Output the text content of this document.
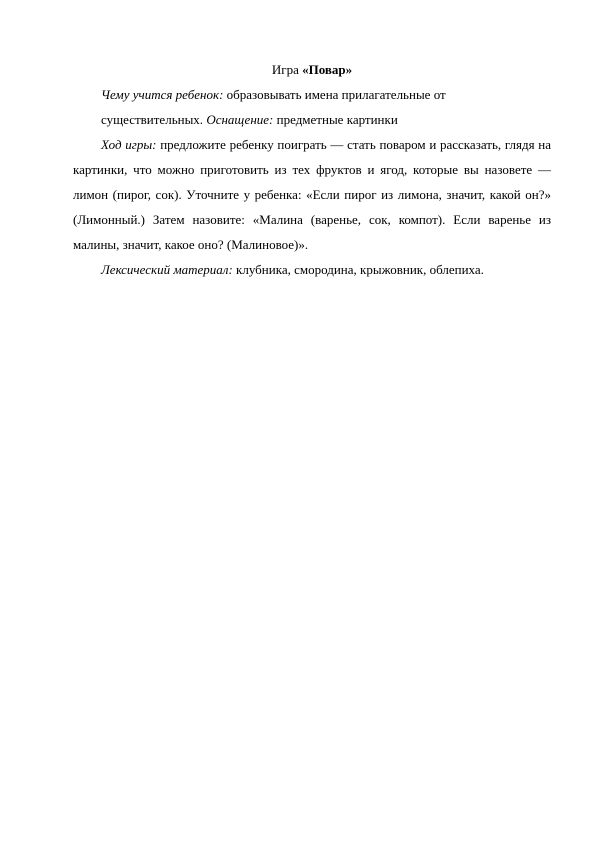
Игра «Повар»

Чему учится ребенок: образовывать имена прилагательные от

существительных. Оснащение: предметные картинки

Ход игры: предложите ребенку поиграть — стать поваром и рассказать, глядя на картинки, что можно приготовить из тех фруктов и ягод, которые вы назовете — лимон (пирог, сок). Уточните у ребенка: «Если пирог из лимона, значит, какой он?» (Лимонный.) Затем назовите: «Малина (варенье, сок, компот). Если варенье из малины, значит, какое оно? (Малиновое)».

Лексический материал: клубника, смородина, крыжовник, облепиха.
